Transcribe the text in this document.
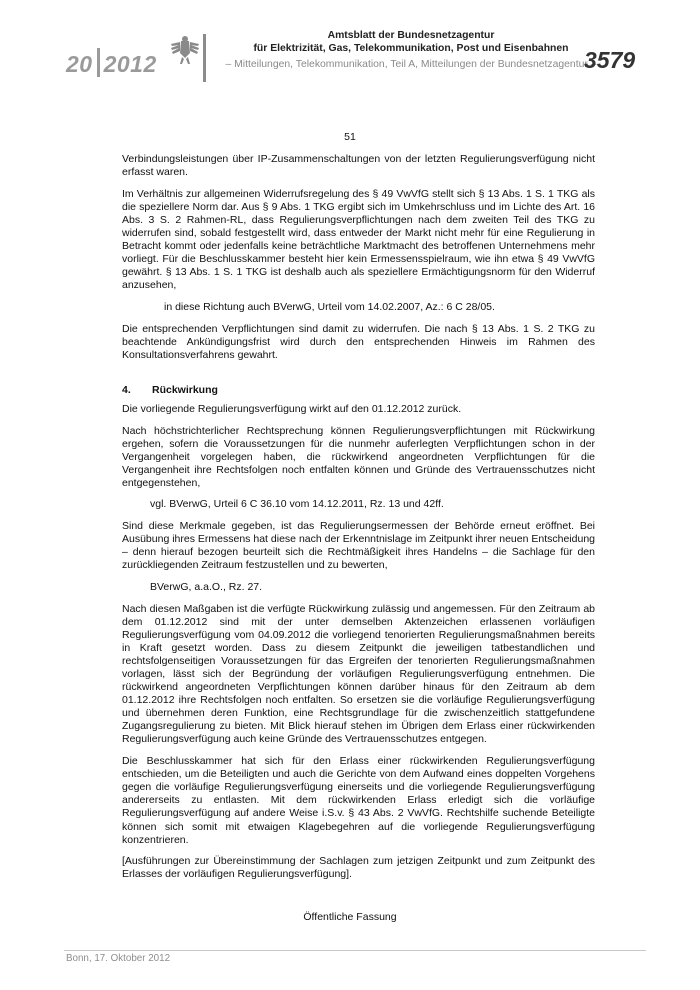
20 2012
Amtsblatt der Bundesnetzagentur
für Elektrizität, Gas, Telekommunikation, Post und Eisenbahnen
– Mitteilungen, Telekommunikation, Teil A, Mitteilungen der Bundesnetzagentur –
3579
51

Verbindungsleistungen über IP-Zusammenschaltungen von der letzten Regulierungsverfügung nicht erfasst waren.

Im Verhältnis zur allgemeinen Widerrufsregelung des § 49 VwVfG stellt sich § 13 Abs. 1 S. 1 TKG als die speziellere Norm dar. Aus § 9 Abs. 1 TKG ergibt sich im Umkehrschluss und im Lichte des Art. 16 Abs. 3 S. 2 Rahmen-RL, dass Regulierungsverpflichtungen nach dem zweiten Teil des TKG zu widerrufen sind, sobald festgestellt wird, dass entweder der Markt nicht mehr für eine Regulierung in Betracht kommt oder jedenfalls keine beträchtliche Marktmacht des betroffenen Unternehmens mehr vorliegt. Für die Beschlusskammer besteht hier kein Ermessensspielraum, wie ihn etwa § 49 VwVfG gewährt. § 13 Abs. 1 S. 1 TKG ist deshalb auch als speziellere Ermächtigungsnorm für den Widerruf anzusehen,

in diese Richtung auch BVerwG, Urteil vom 14.02.2007, Az.: 6 C 28/05.

Die entsprechenden Verpflichtungen sind damit zu widerrufen. Die nach § 13 Abs. 1 S. 2 TKG zu beachtende Ankündigungsfrist wird durch den entsprechenden Hinweis im Rahmen des Konsultationsverfahrens gewahrt.

4. Rückwirkung

Die vorliegende Regulierungsverfügung wirkt auf den 01.12.2012 zurück.

Nach höchstrichterlicher Rechtsprechung können Regulierungsverpflichtungen mit Rückwirkung ergehen, sofern die Voraussetzungen für die nunmehr auferlegten Verpflichtungen schon in der Vergangenheit vorgelegen haben, die rückwirkend angeordneten Verpflichtungen für die Vergangenheit ihre Rechtsfolgen noch entfalten können und Gründe des Vertrauensschutzes nicht entgegenstehen,

vgl. BVerwG, Urteil 6 C 36.10 vom 14.12.2011, Rz. 13 und 42ff.

Sind diese Merkmale gegeben, ist das Regulierungsermessen der Behörde erneut eröffnet. Bei Ausübung ihres Ermessens hat diese nach der Erkenntnislage im Zeitpunkt ihrer neuen Entscheidung – denn hierauf bezogen beurteilt sich die Rechtmäßigkeit ihres Handelns – die Sachlage für den zurückliegenden Zeitraum festzustellen und zu bewerten,

BVerwG, a.a.O., Rz. 27.

Nach diesen Maßgaben ist die verfügte Rückwirkung zulässig und angemessen. Für den Zeitraum ab dem 01.12.2012 sind mit der unter demselben Aktenzeichen erlassenen vorläufigen Regulierungsverfügung vom 04.09.2012 die vorliegend tenorierten Regulierungsmaßnahmen bereits in Kraft gesetzt worden. Dass zu diesem Zeitpunkt die jeweiligen tatbestandlichen und rechtsfolgenseitigen Voraussetzungen für das Ergreifen der tenorierten Regulierungsmaßnahmen vorlagen, lässt sich der Begründung der vorläufigen Regulierungsverfügung entnehmen. Die rückwirkend angeordneten Verpflichtungen können darüber hinaus für den Zeitraum ab dem 01.12.2012 ihre Rechtsfolgen noch entfalten. So ersetzen sie die vorläufige Regulierungsverfügung und übernehmen deren Funktion, eine Rechtsgrundlage für die zwischenzeitlich stattgefundene Zugangsregulierung zu bieten. Mit Blick hierauf stehen im Übrigen dem Erlass einer rückwirkenden Regulierungsverfügung auch keine Gründe des Vertrauensschutzes entgegen.

Die Beschlusskammer hat sich für den Erlass einer rückwirkenden Regulierungsverfügung entschieden, um die Beteiligten und auch die Gerichte von dem Aufwand eines doppelten Vorgehens gegen die vorläufige Regulierungsverfügung einerseits und die vorliegende Regulierungsverfügung andererseits zu entlasten. Mit dem rückwirkenden Erlass erledigt sich die vorläufige Regulierungsverfügung auf andere Weise i.S.v. § 43 Abs. 2 VwVfG. Rechtshilfe suchende Beteiligte können sich somit mit etwaigen Klagebegehren auf die vorliegende Regulierungsverfügung konzentrieren.

[Ausführungen zur Übereinstimmung der Sachlagen zum jetzigen Zeitpunkt und zum Zeitpunkt des Erlasses der vorläufigen Regulierungsverfügung].

Öffentliche Fassung
Bonn, 17. Oktober 2012
